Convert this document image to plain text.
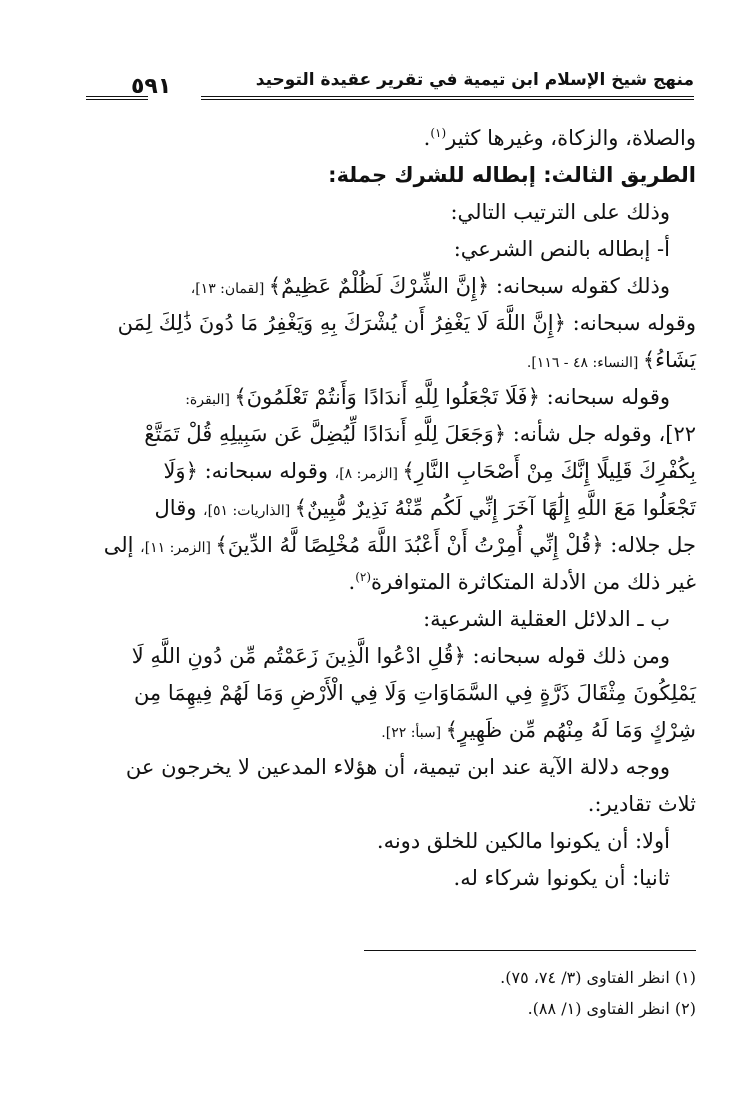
منهج شيخ الإسلام ابن تيمية في تقرير عقيدة التوحيد
٥٩١
والصلاة، والزكاة، وغيرها كثير$^{(١)}$.
الطريق الثالث: إبطاله للشرك جملة:
وذلك على الترتيب التالي:
أ- إبطاله بالنص الشرعي:
وذلك كقوله سبحانه: ﴿إِنَّ الشِّرْكَ لَظُلْمٌ عَظِيمٌ﴾ [لقمان: ١٣]،
وقوله سبحانه: ﴿إِنَّ اللَّهَ لَا يَغْفِرُ أَن يُشْرَكَ بِهِ وَيَغْفِرُ مَا دُونَ ذَٰلِكَ لِمَن
يَشَاءُ﴾ [النساء: ٤٨ - ١١٦].
وقوله سبحانه: ﴿فَلَا تَجْعَلُوا لِلَّهِ أَندَادًا وَأَنتُمْ تَعْلَمُونَ﴾ [البقرة:
٢٢]، وقوله جل شأنه: ﴿وَجَعَلَ لِلَّهِ أَندَادًا لِّيُضِلَّ عَن سَبِيلِهِ قُلْ تَمَتَّعْ
بِكُفْرِكَ قَلِيلًا إِنَّكَ مِنْ أَصْحَابِ النَّارِ﴾ [الزمر: ٨]، وقوله سبحانه: ﴿وَلَا
تَجْعَلُوا مَعَ اللَّهِ إِلَٰهًا آخَرَ إِنِّي لَكُم مِّنْهُ نَذِيرٌ مُّبِينٌ﴾ [الذاريات: ٥١]، وقال
جل جلاله: ﴿قُلْ إِنِّي أُمِرْتُ أَنْ أَعْبُدَ اللَّهَ مُخْلِصًا لَّهُ الدِّينَ﴾ [الزمر: ١١]، إلى
غير ذلك من الأدلة المتكاثرة المتوافرة$^{(٢)}$.
ب ـ الدلائل العقلية الشرعية:
ومن ذلك قوله سبحانه: ﴿قُلِ ادْعُوا الَّذِينَ زَعَمْتُم مِّن دُونِ اللَّهِ لَا
يَمْلِكُونَ مِثْقَالَ ذَرَّةٍ فِي السَّمَاوَاتِ وَلَا فِي الْأَرْضِ وَمَا لَهُمْ فِيهِمَا مِن
شِرْكٍ وَمَا لَهُ مِنْهُم مِّن ظَهِيرٍ﴾ [سبأ: ٢٢].
ووجه دلالة الآية عند ابن تيمية، أن هؤلاء المدعين لا يخرجون عن
ثلاث تقادير:.
أولا: أن يكونوا مالكين للخلق دونه.
ثانيا: أن يكونوا شركاء له.
(١) انظر الفتاوى (٣/ ٧٤، ٧٥).
(٢) انظر الفتاوى (١/ ٨٨).
